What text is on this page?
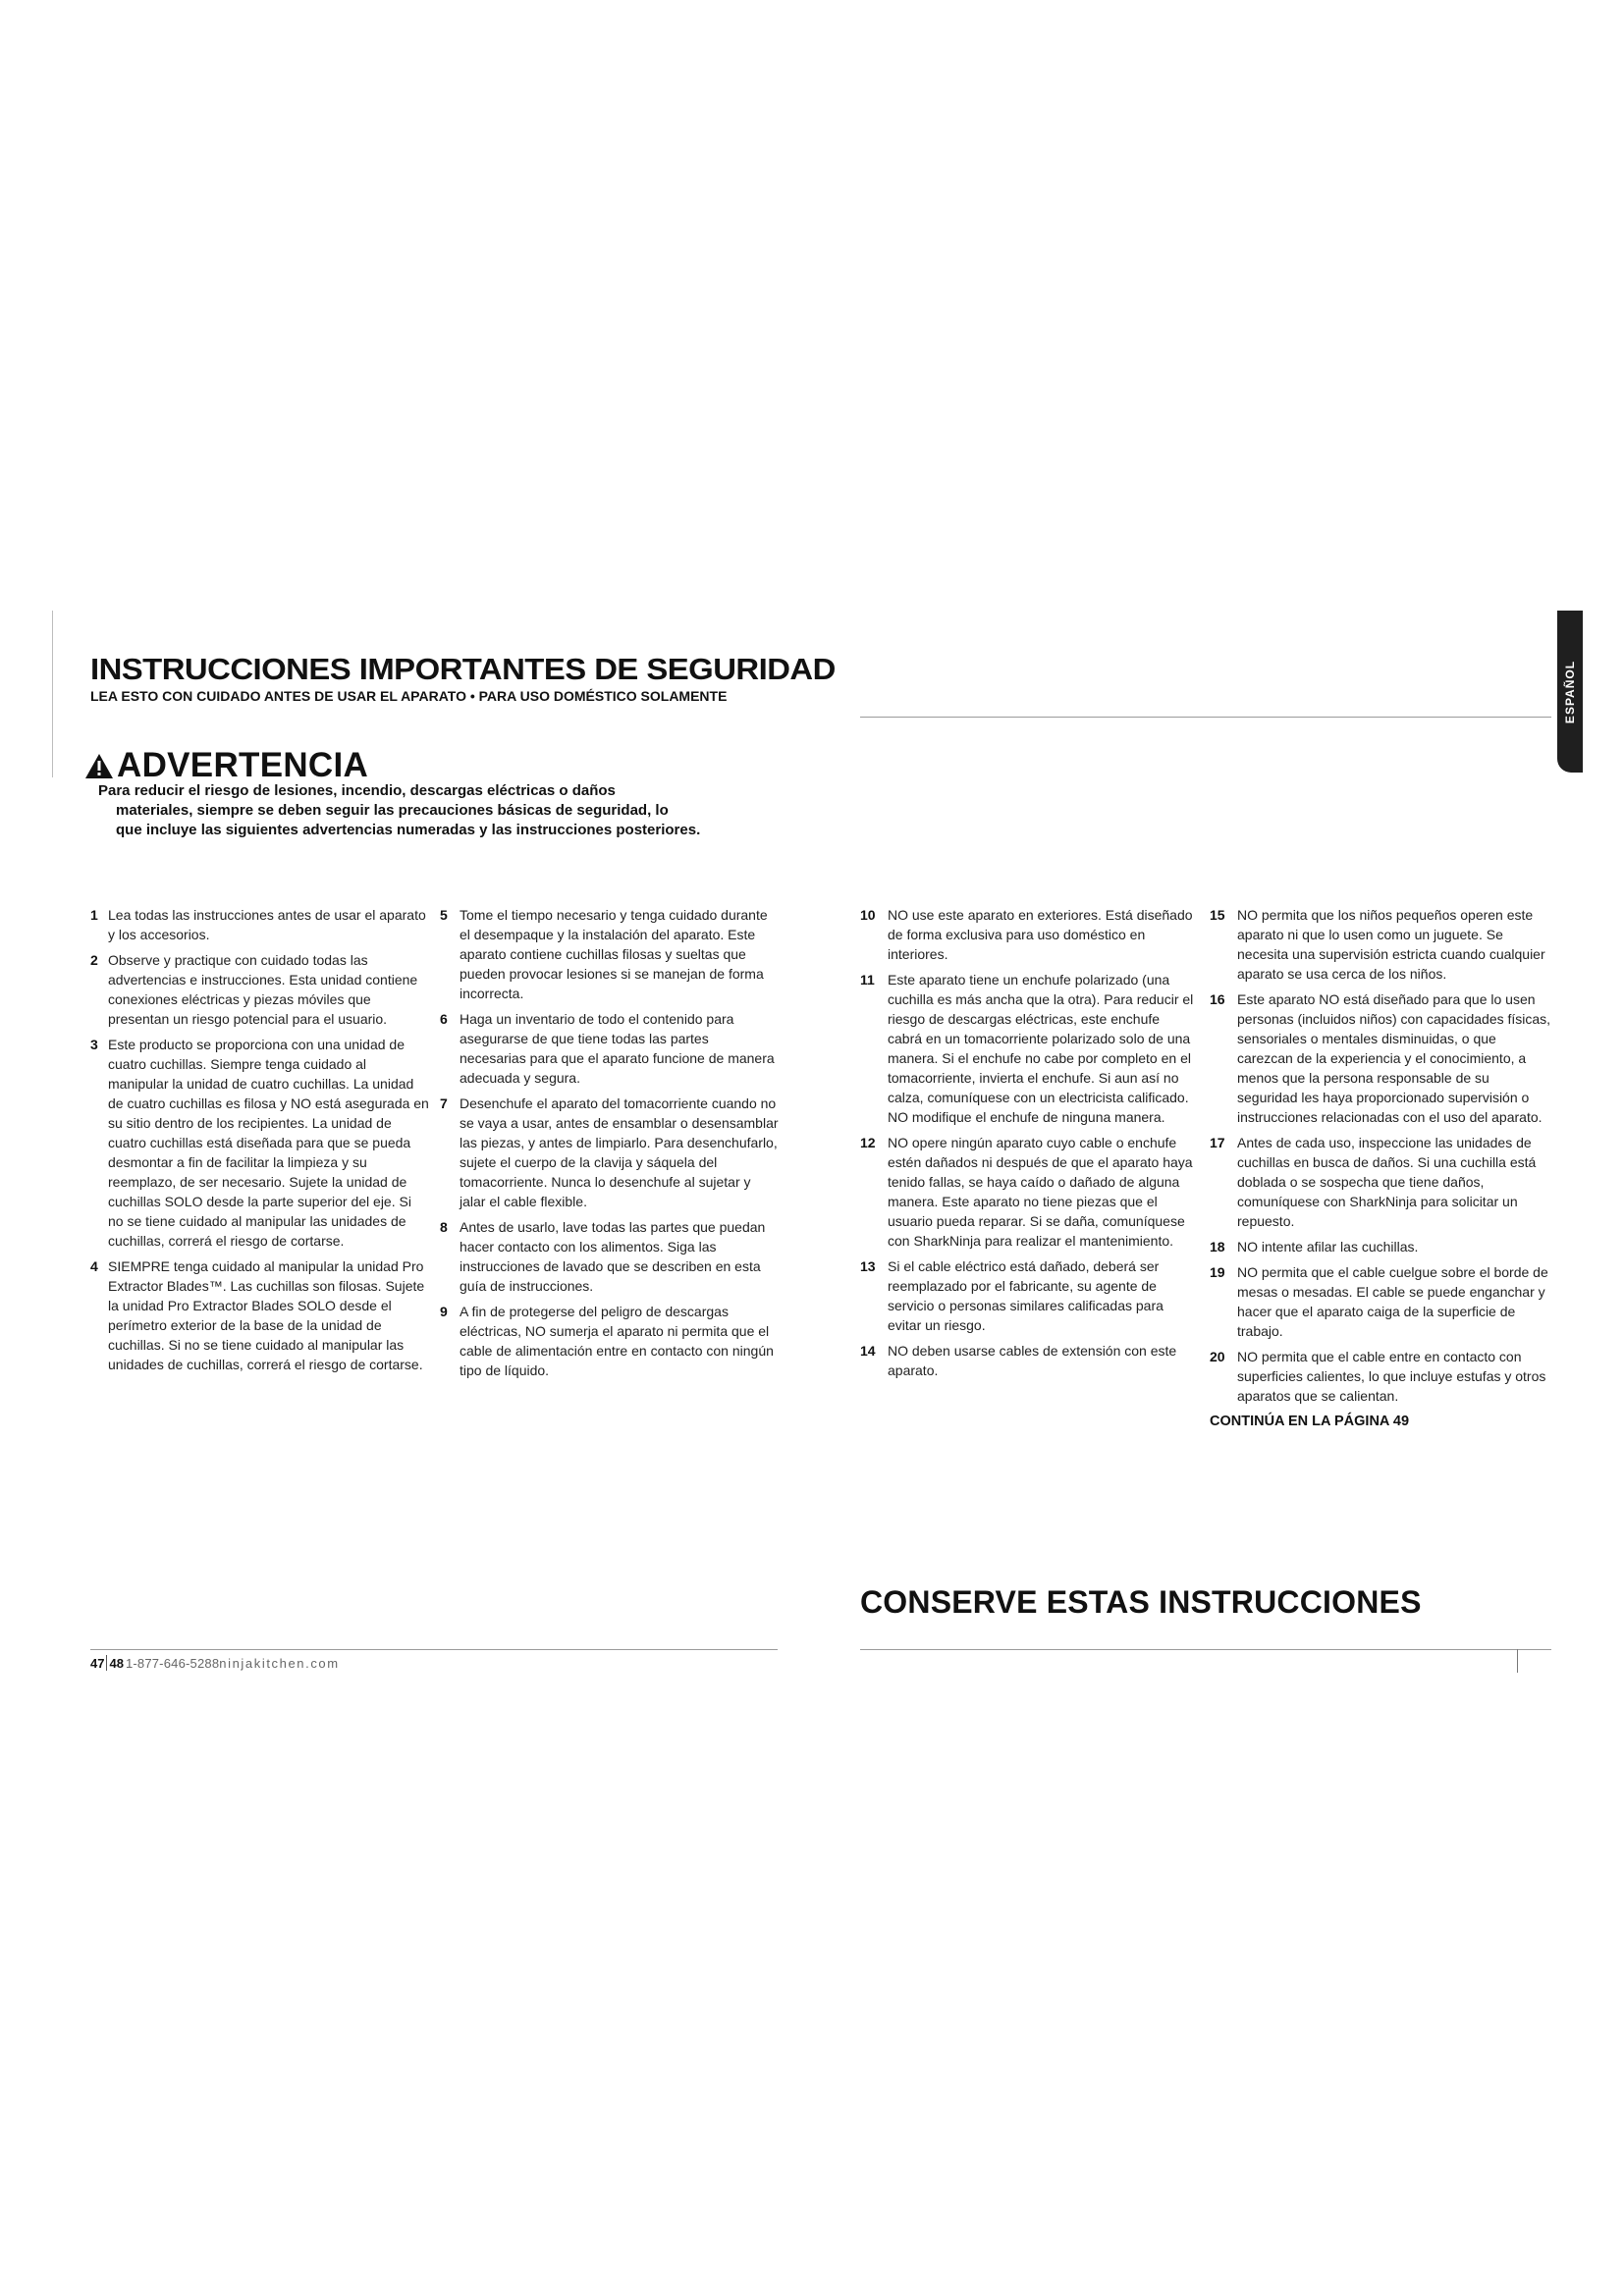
ESPAÑOL
INSTRUCCIONES IMPORTANTES DE SEGURIDAD
LEA ESTO CON CUIDADO ANTES DE USAR EL APARATO • PARA USO DOMÉSTICO SOLAMENTE
ADVERTENCIA

Para reducir el riesgo de lesiones, incendio, descargas eléctricas o daños
materiales, siempre se deben seguir las precauciones básicas de seguridad, lo
que incluye las siguientes advertencias numeradas y las instrucciones posteriores.

1 Lea todas las instrucciones antes de usar el aparato y los accesorios.
2 Observe y practique con cuidado todas las advertencias e instrucciones. Esta unidad contiene conexiones eléctricas y piezas móviles que presentan un riesgo potencial para el usuario.
3 Este producto se proporciona con una unidad de cuatro cuchillas. Siempre tenga cuidado al manipular la unidad de cuatro cuchillas. La unidad de cuatro cuchillas es filosa y NO está asegurada en su sitio dentro de los recipientes. La unidad de cuatro cuchillas está diseñada para que se pueda desmontar a fin de facilitar la limpieza y su reemplazo, de ser necesario. Sujete la unidad de cuchillas SOLO desde la parte superior del eje. Si no se tiene cuidado al manipular las unidades de cuchillas, correrá el riesgo de cortarse.
4 SIEMPRE tenga cuidado al manipular la unidad Pro Extractor Blades™. Las cuchillas son filosas. Sujete la unidad Pro Extractor Blades SOLO desde el perímetro exterior de la base de la unidad de cuchillas. Si no se tiene cuidado al manipular las unidades de cuchillas, correrá el riesgo de cortarse.
5 Tome el tiempo necesario y tenga cuidado durante el desempaque y la instalación del aparato. Este aparato contiene cuchillas filosas y sueltas que pueden provocar lesiones si se manejan de forma incorrecta.
6 Haga un inventario de todo el contenido para asegurarse de que tiene todas las partes necesarias para que el aparato funcione de manera adecuada y segura.
7 Desenchufe el aparato del tomacorriente cuando no se vaya a usar, antes de ensamblar o desensamblar las piezas, y antes de limpiarlo. Para desenchufarlo, sujete el cuerpo de la clavija y sáquela del tomacorriente. Nunca lo desenchufe al sujetar y jalar el cable flexible.
8 Antes de usarlo, lave todas las partes que puedan hacer contacto con los alimentos. Siga las instrucciones de lavado que se describen en esta guía de instrucciones.
9 A fin de protegerse del peligro de descargas eléctricas, NO sumerja el aparato ni permita que el cable de alimentación entre en contacto con ningún tipo de líquido.
10 NO use este aparato en exteriores. Está diseñado de forma exclusiva para uso doméstico en interiores.
11 Este aparato tiene un enchufe polarizado (una cuchilla es más ancha que la otra). Para reducir el riesgo de descargas eléctricas, este enchufe cabrá en un tomacorriente polarizado solo de una manera. Si el enchufe no cabe por completo en el tomacorriente, invierta el enchufe. Si aun así no calza, comuníquese con un electricista calificado. NO modifique el enchufe de ninguna manera.
12 NO opere ningún aparato cuyo cable o enchufe estén dañados ni después de que el aparato haya tenido fallas, se haya caído o dañado de alguna manera. Este aparato no tiene piezas que el usuario pueda reparar. Si se daña, comuníquese con SharkNinja para realizar el mantenimiento.
13 Si el cable eléctrico está dañado, deberá ser reemplazado por el fabricante, su agente de servicio o personas similares calificadas para evitar un riesgo.
14 NO deben usarse cables de extensión con este aparato.
15 NO permita que los niños pequeños operen este aparato ni que lo usen como un juguete. Se necesita una supervisión estricta cuando cualquier aparato se usa cerca de los niños.
16 Este aparato NO está diseñado para que lo usen personas (incluidos niños) con capacidades físicas, sensoriales o mentales disminuidas, o que carezcan de la experiencia y el conocimiento, a menos que la persona responsable de su seguridad les haya proporcionado supervisión o instrucciones relacionadas con el uso del aparato.
17 Antes de cada uso, inspeccione las unidades de cuchillas en busca de daños. Si una cuchilla está doblada o se sospecha que tiene daños, comuníquese con SharkNinja para solicitar un repuesto.
18 NO intente afilar las cuchillas.
19 NO permita que el cable cuelgue sobre el borde de mesas o mesadas. El cable se puede enganchar y hacer que el aparato caiga de la superficie de trabajo.
20 NO permita que el cable entre en contacto con superficies calientes, lo que incluye estufas y otros aparatos que se calientan.
CONTINÚA EN LA PÁGINA 49
CONSERVE ESTAS INSTRUCCIONES
47 48 1-877-646-5288 ninjakitchen.com
